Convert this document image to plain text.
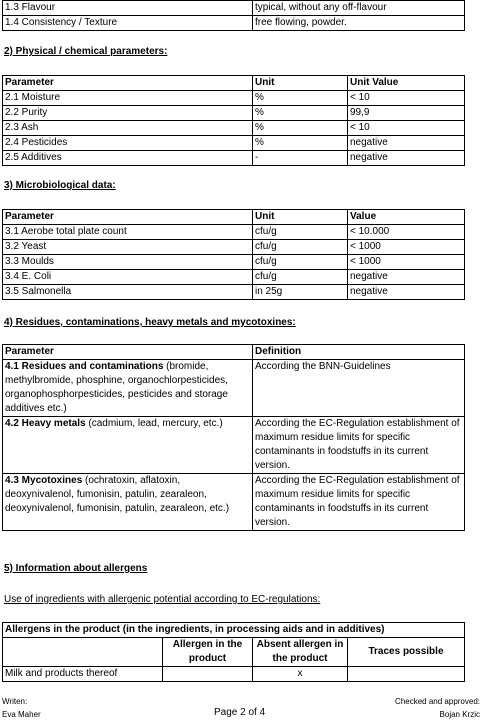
1.3 Flavour	typical, without any off-flavour
1.4 Consistency / Texture	free flowing, powder.
2) Physical / chemical parameters:
Parameter	Unit	Unit Value
2.1 Moisture	%	< 10
2.2 Purity	%	99,9
2.3 Ash	%	< 10
2.4 Pesticides	%	negative
2.5 Additives	-	negative
3) Microbiological data:
Parameter	Unit	Value
3.1 Aerobe total plate count	cfu/g	< 10.000
3.2 Yeast	cfu/g	< 1000
3.3 Moulds	cfu/g	< 1000
3.4 E. Coli	cfu/g	negative
3.5 Salmonella	in 25g	negative
4) Residues, contaminations, heavy metals and mycotoxines:
Parameter	Definition
4.1 Residues and contaminations (bromide, methylbromide, phosphine, organochlorpesticides, organophosphorpesticides, pesticides and storage additives etc.)	According the BNN-Guidelines
4.2 Heavy metals (cadmium, lead, mercury, etc.)	According the EC-Regulation establishment of maximum residue limits for specific contaminants in foodstuffs in its current version.
4.3 Mycotoxines (ochratoxin, aflatoxin, deoxynivalenol, fumonisin, patulin, zearaleon, deoxynivalenol, fumonisin, patulin, zearaleon, etc.)	According the EC-Regulation establishment of maximum residue limits for specific contaminants in foodstuffs in its current version.
5) Information about allergens
Use of ingredients with allergenic potential according to EC-regulations:
Allergens in the product (in the ingredients, in processing aids and in additives)			
	Allergen in the product	Absent allergen in the product	Traces possible
Milk and products thereof		x	
Writen:
Eva Maher	Page 2 of 4
Checked and approved:
Bojan Krzic
